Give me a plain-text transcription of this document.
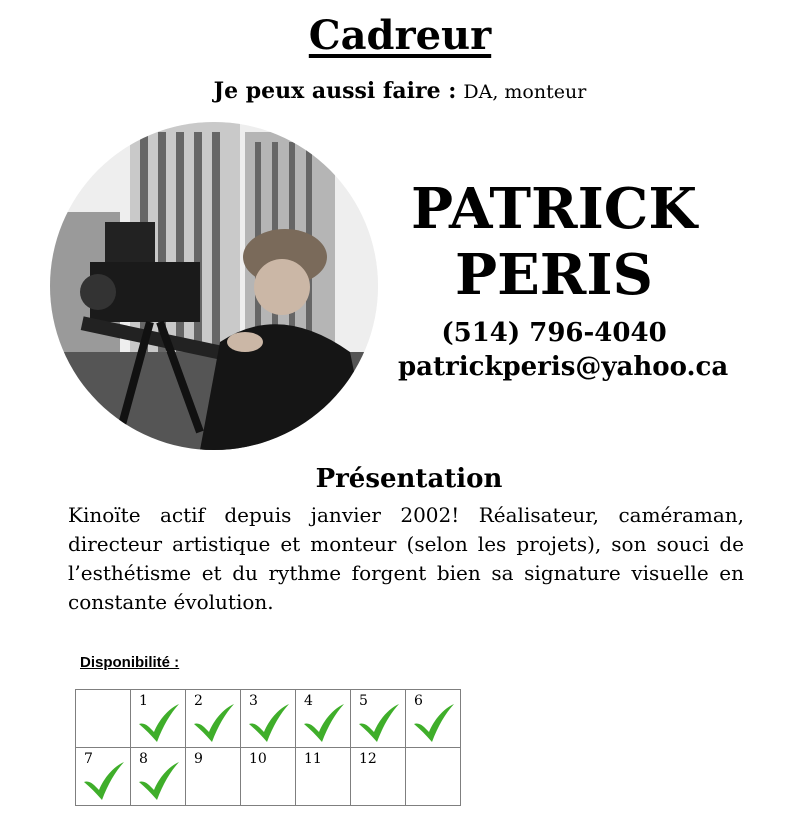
Cadreur
Je peux aussi faire : DA, monteur
PATRICK
PERIS
(514) 796-4040
patrickperis@yahoo.ca
Présentation
Kinoïte actif depuis janvier 2002! Réalisateur, caméraman, directeur artistique et monteur (selon les projets), son souci de l’esthétisme et du rythme forgent bien sa signature visuelle en constante évolution.
Disponibilité :

	1	2	3	4	5	6

7	8	9	10	11	12	
